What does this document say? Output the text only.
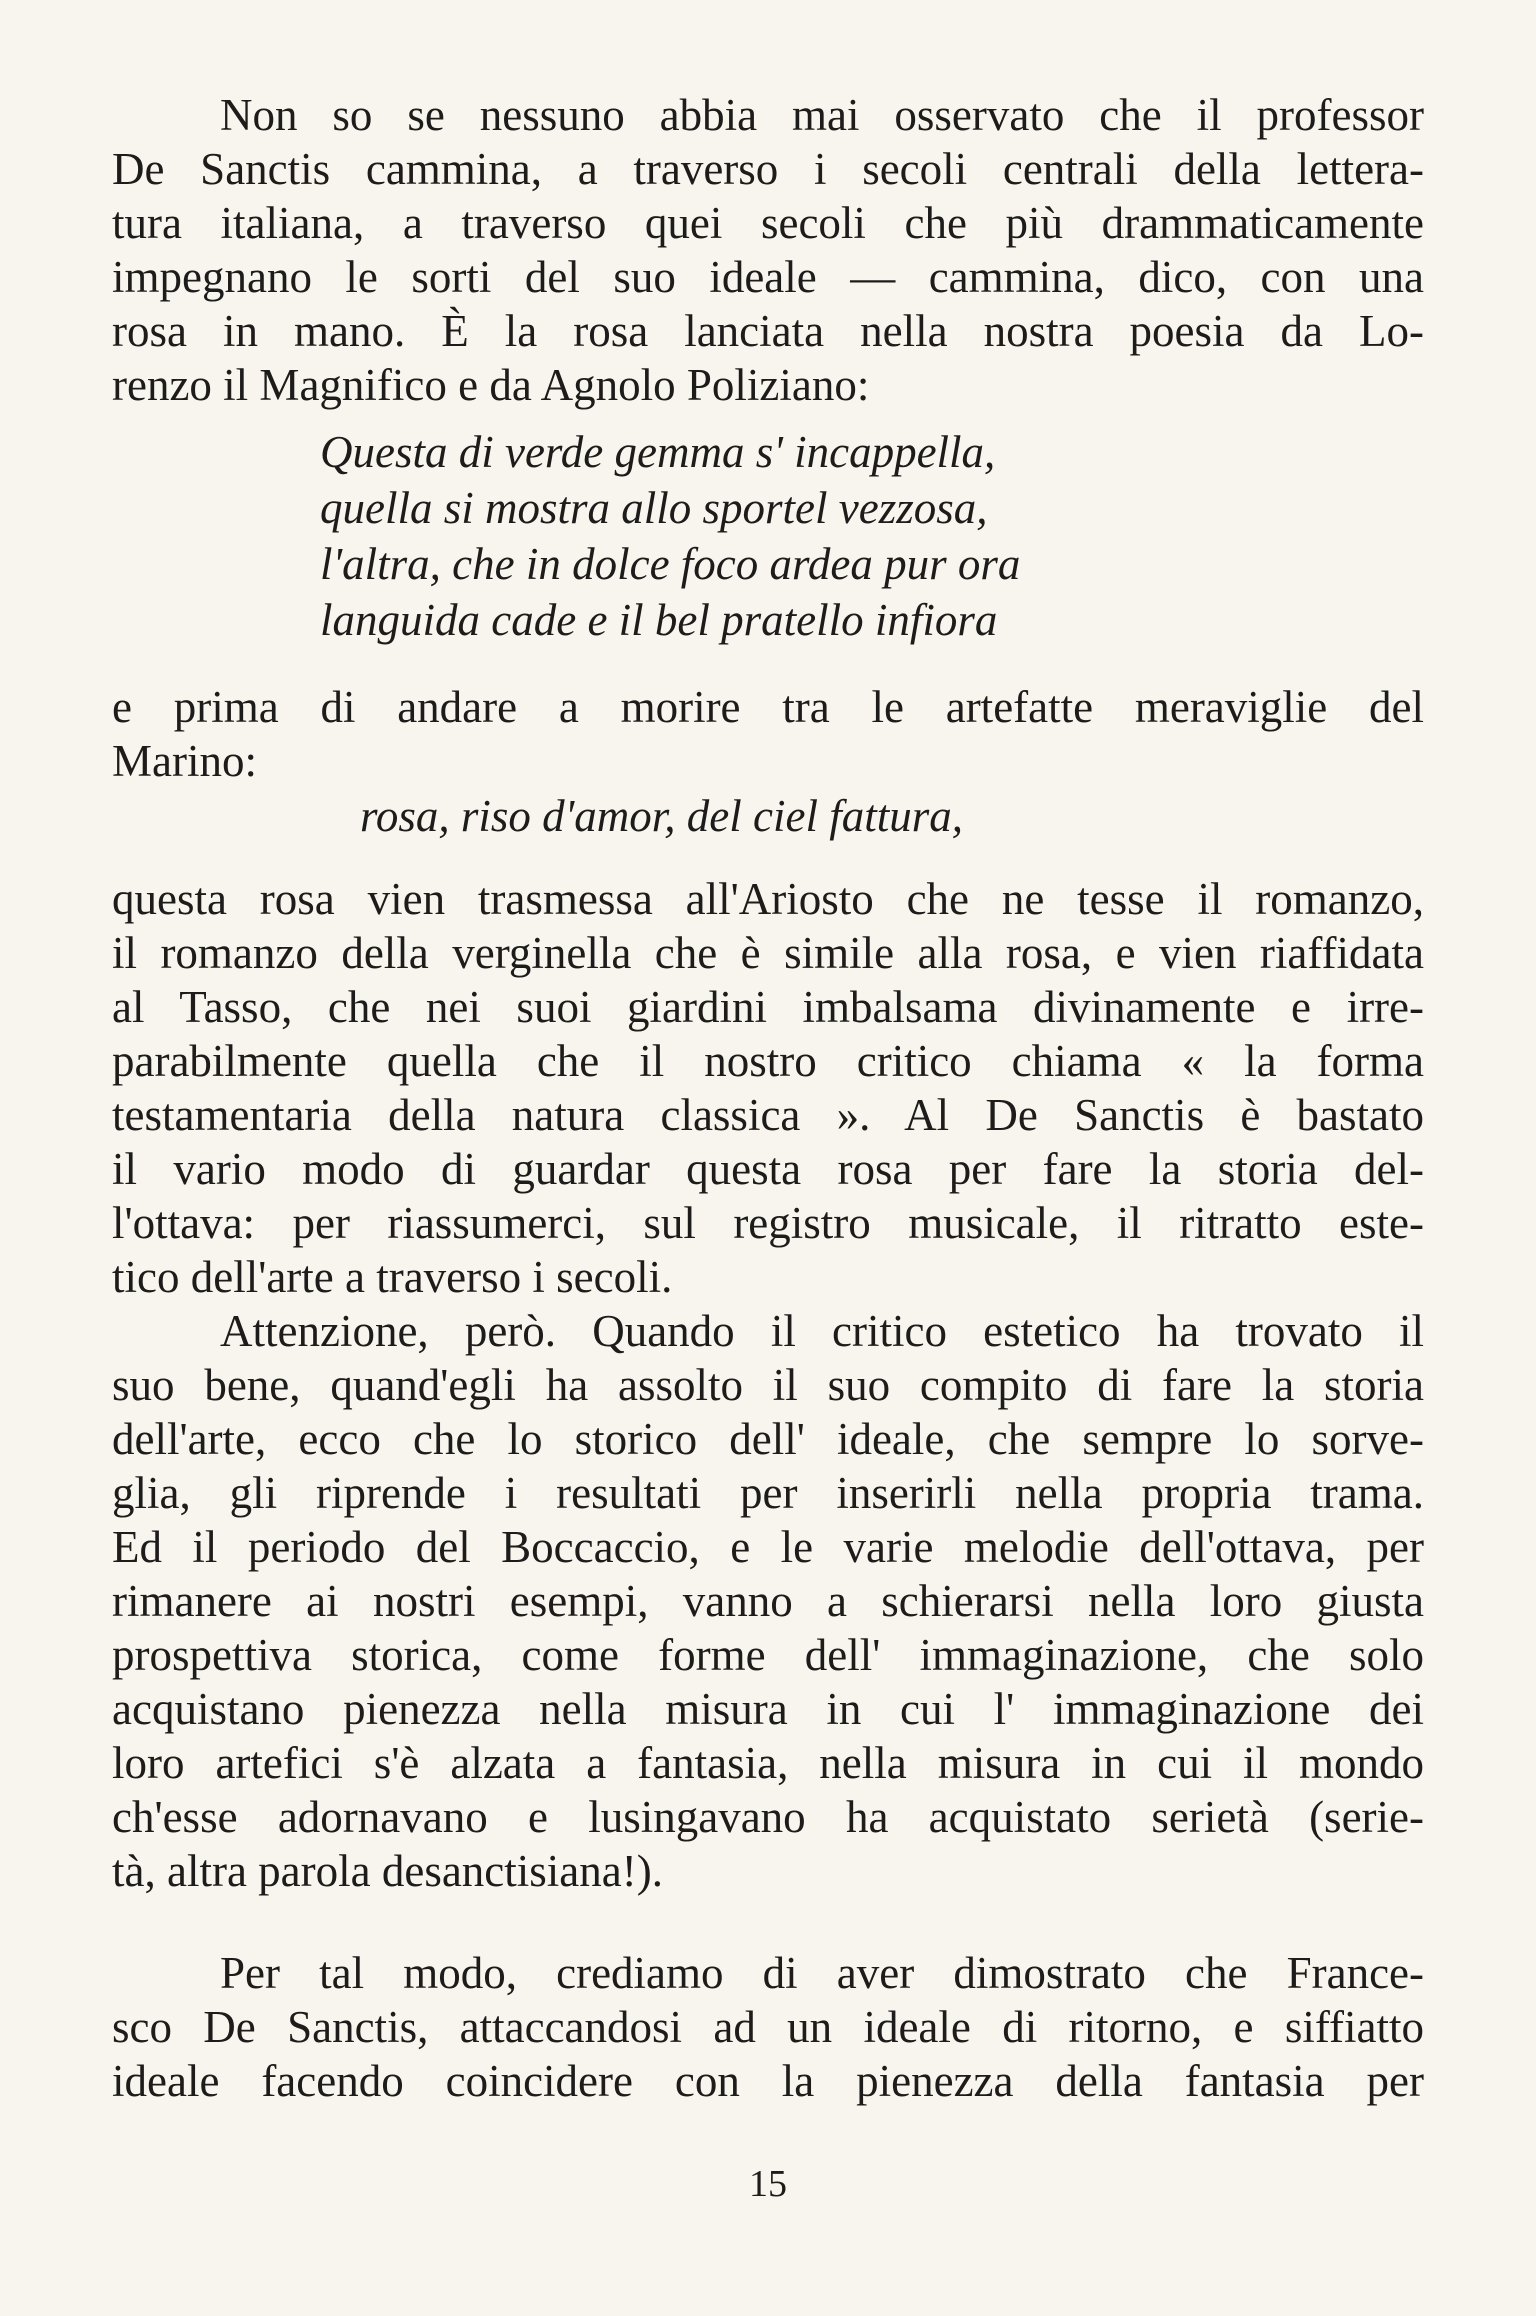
Non so se nessuno abbia mai osservato che il professor
De Sanctis cammina, a traverso i secoli centrali della lettera-
tura italiana, a traverso quei secoli che più drammaticamente
impegnano le sorti del suo ideale — cammina, dico, con una
rosa in mano. È la rosa lanciata nella nostra poesia da Lo-
renzo il Magnifico e da Agnolo Poliziano:
Questa di verde gemma s' incappella,
quella si mostra allo sportel vezzosa,
l'altra, che in dolce foco ardea pur ora
languida cade e il bel pratello infiora
e prima di andare a morire tra le artefatte meraviglie del
Marino:
rosa, riso d'amor, del ciel fattura,
questa rosa vien trasmessa all'Ariosto che ne tesse il romanzo,
il romanzo della verginella che è simile alla rosa, e vien riaffidata
al Tasso, che nei suoi giardini imbalsama divinamente e irre-
parabilmente quella che il nostro critico chiama « la forma
testamentaria della natura classica ». Al De Sanctis è bastato
il vario modo di guardar questa rosa per fare la storia del-
l'ottava: per riassumerci, sul registro musicale, il ritratto este-
tico dell'arte a traverso i secoli.
Attenzione, però. Quando il critico estetico ha trovato il
suo bene, quand'egli ha assolto il suo compito di fare la storia
dell'arte, ecco che lo storico dell' ideale, che sempre lo sorve-
glia, gli riprende i resultati per inserirli nella propria trama.
Ed il periodo del Boccaccio, e le varie melodie dell'ottava, per
rimanere ai nostri esempi, vanno a schierarsi nella loro giusta
prospettiva storica, come forme dell' immaginazione, che solo
acquistano pienezza nella misura in cui l' immaginazione dei
loro artefici s'è alzata a fantasia, nella misura in cui il mondo
ch'esse adornavano e lusingavano ha acquistato serietà (serie-
tà, altra parola desanctisiana!).
Per tal modo, crediamo di aver dimostrato che France-
sco De Sanctis, attaccandosi ad un ideale di ritorno, e siffiatto
ideale facendo coincidere con la pienezza della fantasia per
15
